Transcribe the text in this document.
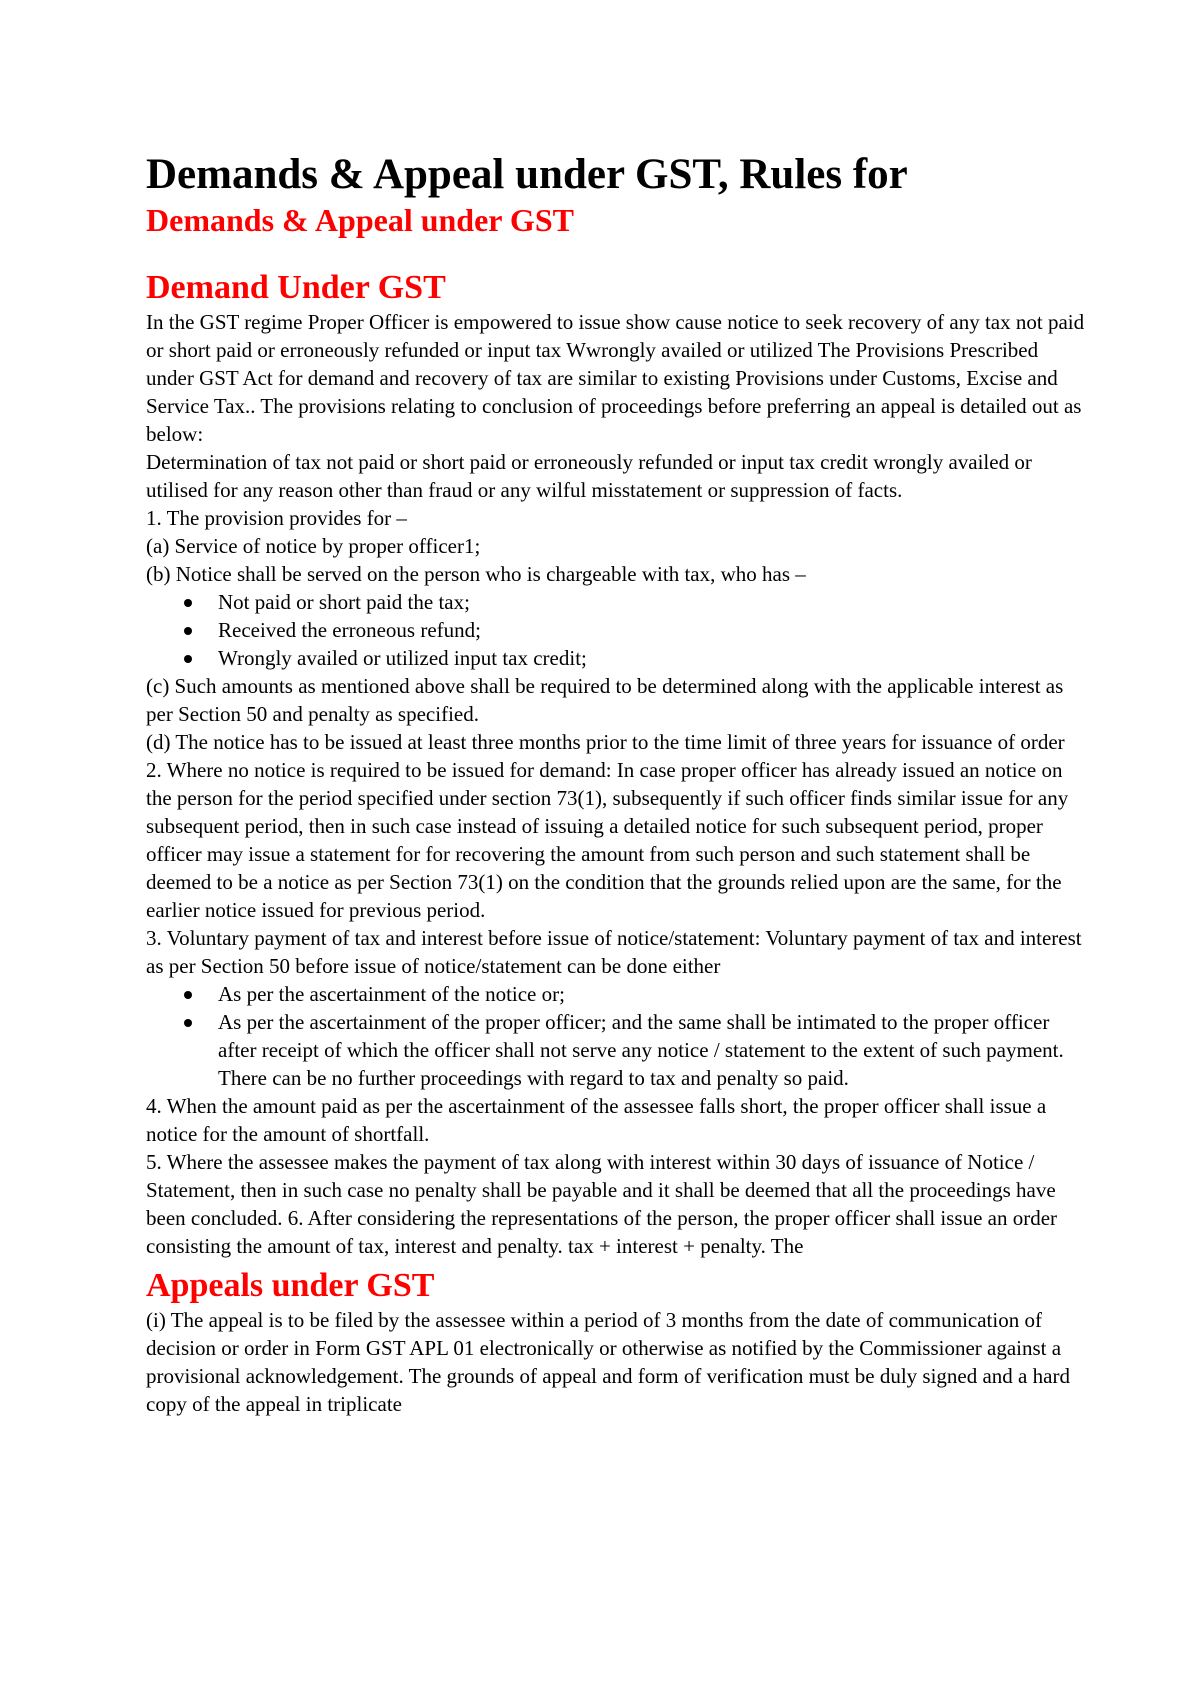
Demands & Appeal under GST, Rules for
Demands & Appeal under GST
Demand Under GST

In the GST regime Proper Officer is empowered to issue show cause notice to seek recovery of any tax not paid or short paid or erroneously refunded or input tax Wwrongly availed or utilized The Provisions Prescribed under GST Act for demand and recovery of tax are similar to existing Provisions under Customs, Excise and Service Tax.. The provisions relating to conclusion of proceedings before preferring an appeal is detailed out as below:

Determination of tax not paid or short paid or erroneously refunded or input tax credit wrongly availed or utilised for any reason other than fraud or any wilful misstatement or suppression of facts.

1. The provision provides for –

(a) Service of notice by proper officer1;

(b) Notice shall be served on the person who is chargeable with tax, who has –

Not paid or short paid the tax;
Received the erroneous refund;
Wrongly availed or utilized input tax credit;

(c) Such amounts as mentioned above shall be required to be determined along with the applicable interest as per Section 50 and penalty as specified.

(d) The notice has to be issued at least three months prior to the time limit of three years for issuance of order

2. Where no notice is required to be issued for demand: In case proper officer has already issued an notice on the person for the period specified under section 73(1), subsequently if such officer finds similar issue for any subsequent period, then in such case instead of issuing a detailed notice for such subsequent period, proper officer may issue a statement for for recovering the amount from such person and such statement shall be deemed to be a notice as per Section 73(1) on the condition that the grounds relied upon are the same, for the earlier notice issued for previous period.

3. Voluntary payment of tax and interest before issue of notice/statement: Voluntary payment of tax and interest as per Section 50 before issue of notice/statement can be done either

As per the ascertainment of the notice or;
As per the ascertainment of the proper officer; and the same shall be intimated to the proper officer after receipt of which the officer shall not serve any notice / statement to the extent of such payment. There can be no further proceedings with regard to tax and penalty so paid.

4. When the amount paid as per the ascertainment of the assessee falls short, the proper officer shall issue a notice for the amount of shortfall.

5. Where the assessee makes the payment of tax along with interest within 30 days of issuance of Notice / Statement, then in such case no penalty shall be payable and it shall be deemed that all the proceedings have been concluded. 6. After considering the representations of the person, the proper officer shall issue an order consisting the amount of tax, interest and penalty. tax + interest + penalty. The

Appeals under GST

(i) The appeal is to be filed by the assessee within a period of 3 months from the date of communication of decision or order in Form GST APL 01 electronically or otherwise as notified by the Commissioner against a provisional acknowledgement. The grounds of appeal and form of verification must be duly signed and a hard copy of the appeal in triplicate
